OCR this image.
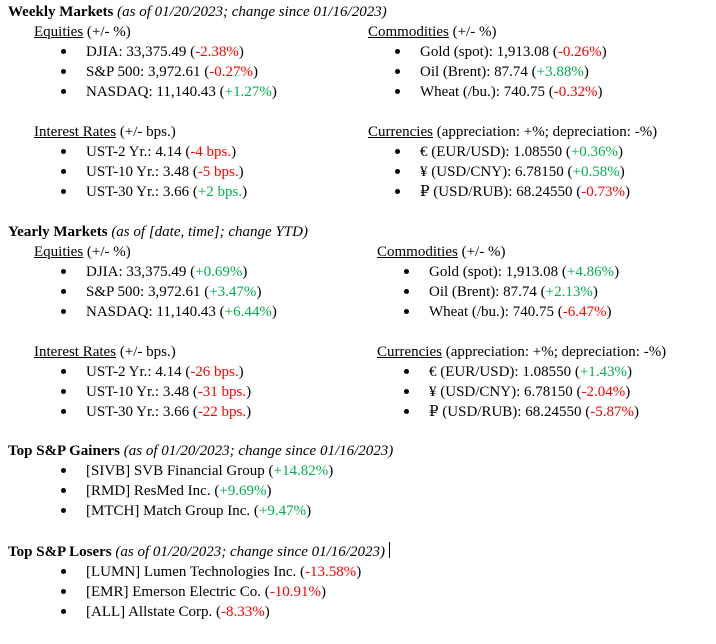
Weekly Markets (as of 01/20/2023; change since 01/16/2023)
Equities (+/- %)
DJIA: 33,375.49 (-2.38%)
S&P 500: 3,972.61 (-0.27%)
NASDAQ: 11,140.43 (+1.27%)
Interest Rates (+/- bps.)
UST-2 Yr.: 4.14 (-4 bps.)
UST-10 Yr.: 3.48 (-5 bps.)
UST-30 Yr.: 3.66 (+2 bps.)
Commodities (+/- %)
Gold (spot): 1,913.08 (-0.26%)
Oil (Brent): 87.74 (+3.88%)
Wheat (/bu.): 740.75 (-0.32%)
Currencies (appreciation: +%; depreciation: -%)
€ (EUR/USD): 1.08550 (+0.36%)
¥ (USD/CNY): 6.78150 (+0.58%)
₽ (USD/RUB): 68.24550 (-0.73%)
Yearly Markets (as of [date, time]; change YTD)
Equities (+/- %)
DJIA: 33,375.49 (+0.69%)
S&P 500: 3,972.61 (+3.47%)
NASDAQ: 11,140.43 (+6.44%)
Interest Rates (+/- bps.)
UST-2 Yr.: 4.14 (-26 bps.)
UST-10 Yr.: 3.48 (-31 bps.)
UST-30 Yr.: 3.66 (-22 bps.)
Commodities (+/- %)
Gold (spot): 1,913.08 (+4.86%)
Oil (Brent): 87.74 (+2.13%)
Wheat (/bu.): 740.75 (-6.47%)
Currencies (appreciation: +%; depreciation: -%)
€ (EUR/USD): 1.08550 (+1.43%)
¥ (USD/CNY): 6.78150 (-2.04%)
₽ (USD/RUB): 68.24550 (-5.87%)
Top S&P Gainers (as of 01/20/2023; change since 01/16/2023)
[SIVB] SVB Financial Group (+14.82%)
[RMD] ResMed Inc. (+9.69%)
[MTCH] Match Group Inc. (+9.47%)
Top S&P Losers (as of 01/20/2023; change since 01/16/2023)
[LUMN] Lumen Technologies Inc. (-13.58%)
[EMR] Emerson Electric Co. (-10.91%)
[ALL] Allstate Corp. (-8.33%)
